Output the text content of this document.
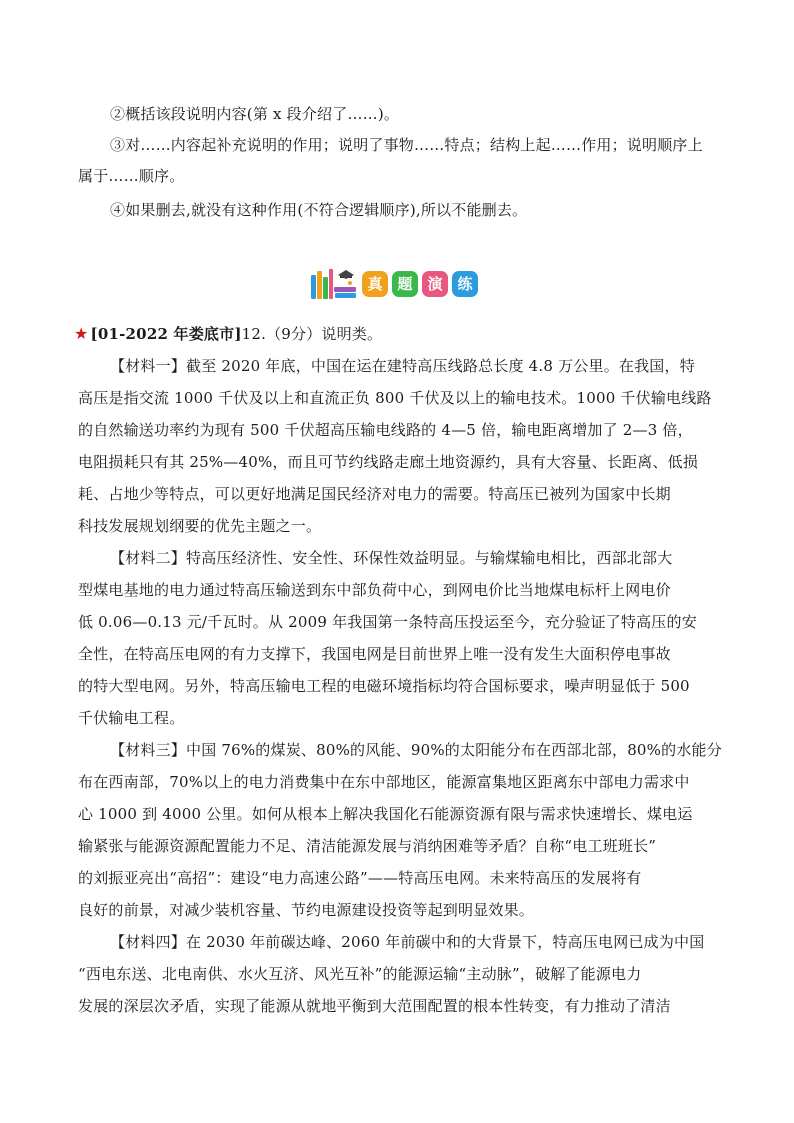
②概括该段说明内容(第 x 段介绍了……)。
③对……内容起补充说明的作用；说明了事物……特点；结构上起……作用；说明顺序上
属于……顺序。
④如果删去,就没有这种作用(不符合逻辑顺序),所以不能删去。
真 题 演 练
★ [01-2022 年娄底市]12.（9分）说明类。
【材料一】截至 2020 年底，中国在运在建特高压线路总长度 4.8 万公里。在我国，特
高压是指交流 1000 千伏及以上和直流正负 800 千伏及以上的输电技术。1000 千伏输电线路
的自然输送功率约为现有 500 千伏超高压输电线路的 4—5 倍，输电距离增加了 2—3 倍，
电阻损耗只有其 25%—40%，而且可节约线路走廊土地资源约，具有大容量、长距离、低损
耗、占地少等特点，可以更好地满足国民经济对电力的需要。特高压已被列为国家中长期
科技发展规划纲要的优先主题之一。
【材料二】特高压经济性、安全性、环保性效益明显。与输煤输电相比，西部北部大
型煤电基地的电力通过特高压输送到东中部负荷中心，到网电价比当地煤电标杆上网电价
低 0.06—0.13 元/千瓦时。从 2009 年我国第一条特高压投运至今，充分验证了特高压的安
全性，在特高压电网的有力支撑下，我国电网是目前世界上唯一没有发生大面积停电事故
的特大型电网。另外，特高压输电工程的电磁环境指标均符合国标要求，噪声明显低于 500
千伏输电工程。
【材料三】中国 76%的煤炭、80%的风能、90%的太阳能分布在西部北部，80%的水能分
布在西南部，70%以上的电力消费集中在东中部地区，能源富集地区距离东中部电力需求中
心 1000 到 4000 公里。如何从根本上解决我国化石能源资源有限与需求快速增长、煤电运
输紧张与能源资源配置能力不足、清洁能源发展与消纳困难等矛盾？自称“电工班班长”
的刘振亚亮出“高招”：建设“电力高速公路”——特高压电网。未来特高压的发展将有
良好的前景，对减少装机容量、节约电源建设投资等起到明显效果。
【材料四】在 2030 年前碳达峰、2060 年前碳中和的大背景下，特高压电网已成为中国
“西电东送、北电南供、水火互济、风光互补”的能源运输“主动脉”，破解了能源电力
发展的深层次矛盾，实现了能源从就地平衡到大范围配置的根本性转变，有力推动了清洁
